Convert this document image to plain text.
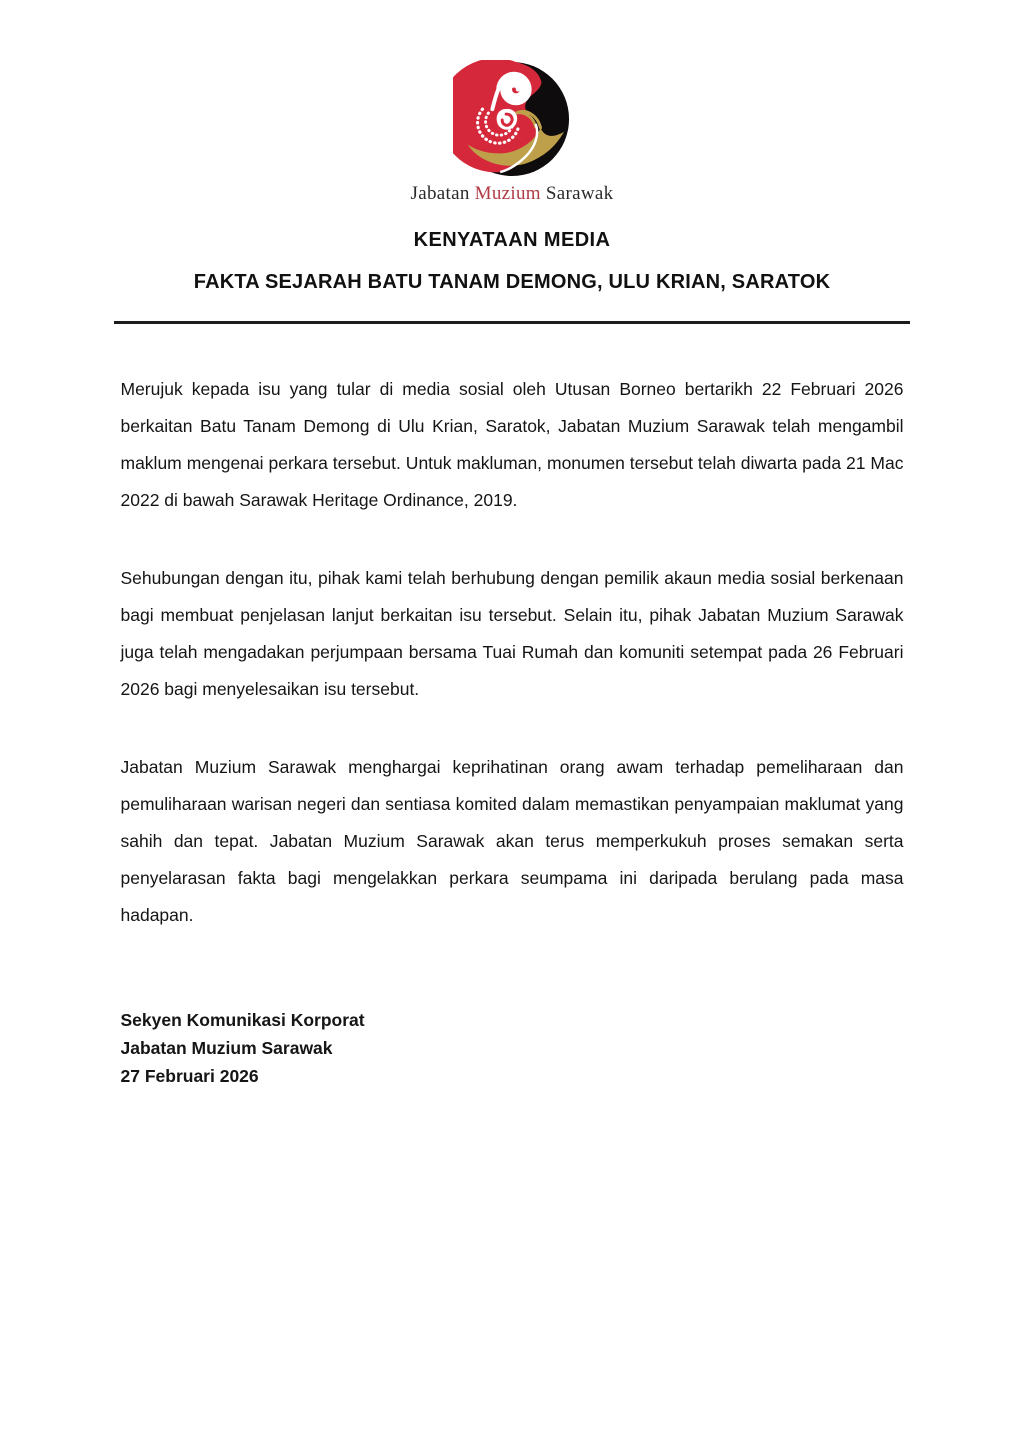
Jabatan Muzium Sarawak
KENYATAAN MEDIA
FAKTA SEJARAH BATU TANAM DEMONG, ULU KRIAN, SARATOK

Merujuk kepada isu yang tular di media sosial oleh Utusan Borneo bertarikh 22 Februari 2026 berkaitan Batu Tanam Demong di Ulu Krian, Saratok, Jabatan Muzium Sarawak telah mengambil maklum mengenai perkara tersebut. Untuk makluman, monumen tersebut telah diwarta pada 21 Mac 2022 di bawah Sarawak Heritage Ordinance, 2019.

Sehubungan dengan itu, pihak kami telah berhubung dengan pemilik akaun media sosial berkenaan bagi membuat penjelasan lanjut berkaitan isu tersebut. Selain itu, pihak Jabatan Muzium Sarawak juga telah mengadakan perjumpaan bersama Tuai Rumah dan komuniti setempat pada 26 Februari 2026 bagi menyelesaikan isu tersebut.

Jabatan Muzium Sarawak menghargai keprihatinan orang awam terhadap pemeliharaan dan pemuliharaan warisan negeri dan sentiasa komited dalam memastikan penyampaian maklumat yang sahih dan tepat. Jabatan Muzium Sarawak akan terus memperkukuh proses semakan serta penyelarasan fakta bagi mengelakkan perkara seumpama ini daripada berulang pada masa hadapan.

Sekyen Komunikasi Korporat
Jabatan Muzium Sarawak
27 Februari 2026
